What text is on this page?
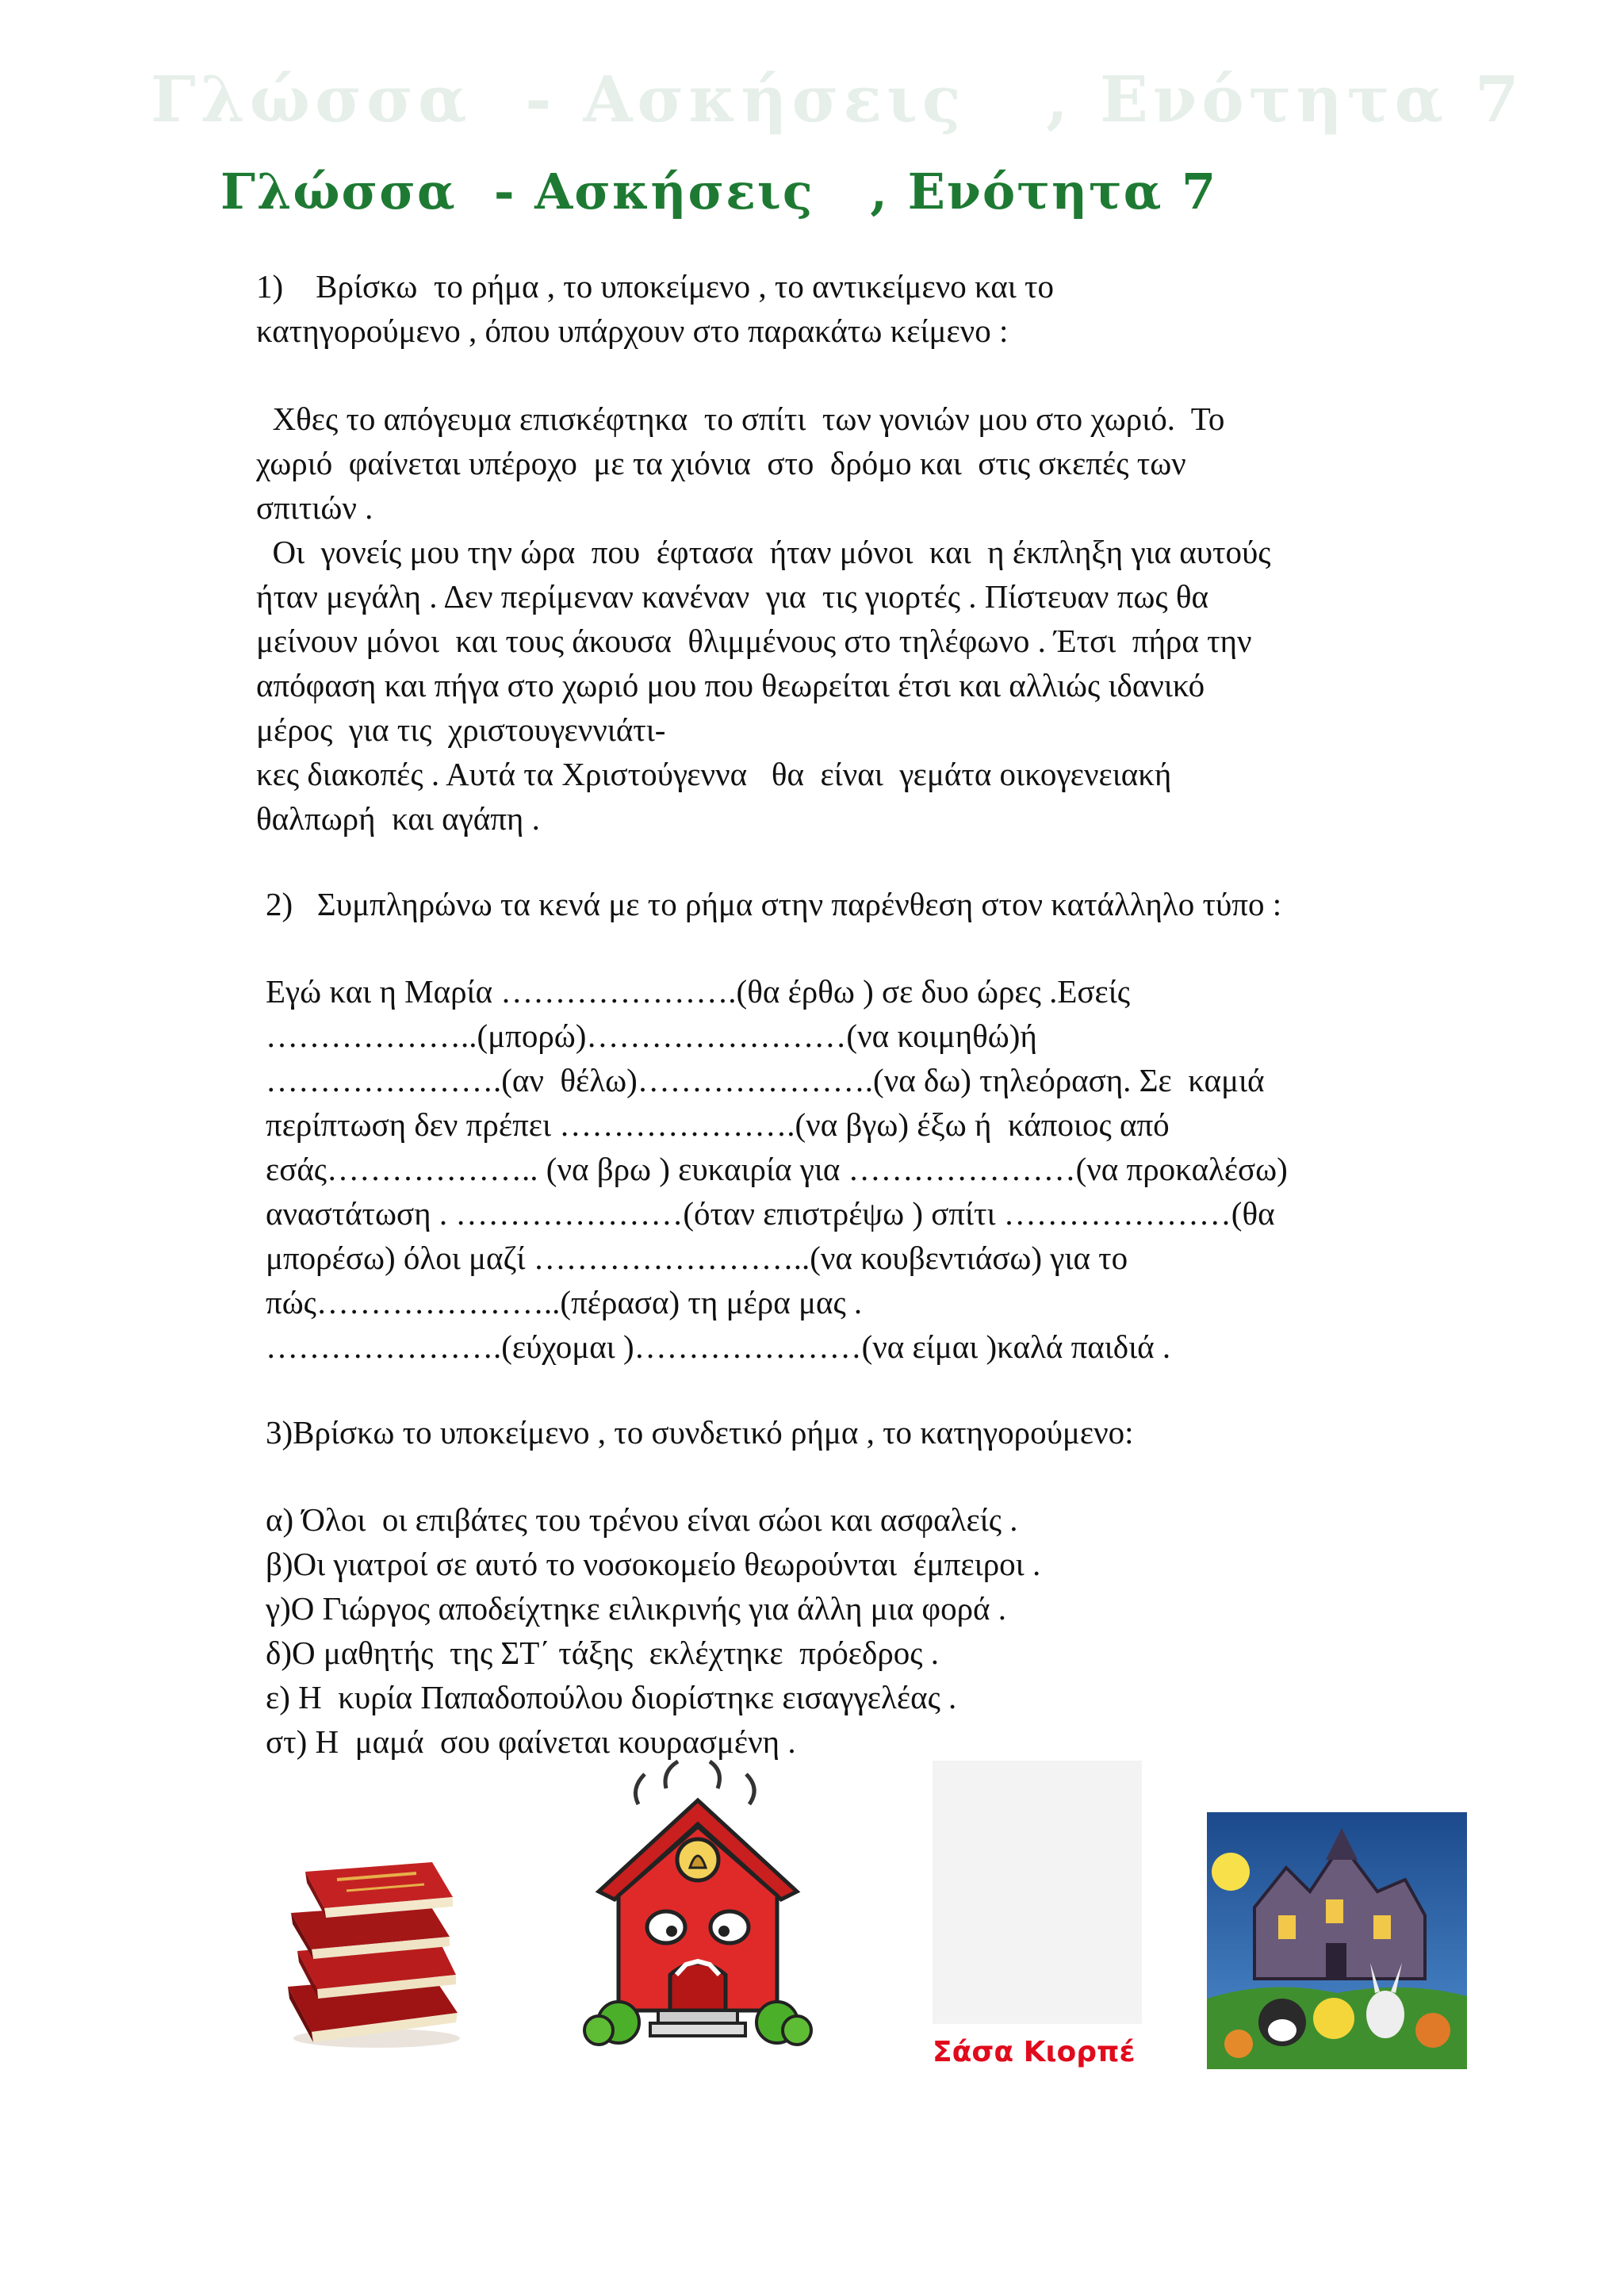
Γλώσσα  - Ασκήσεις   , Ενότητα 7
Γλώσσα  - Ασκήσεις   , Ενότητα 7
1)    Βρίσκω  το ρήμα , το υποκείμενο , το αντικείμενο και το
κατηγορούμενο , όπου υπάρχουν στο παρακάτω κείμενο :
Χθες το απόγευμα επισκέφτηκα  το σπίτι  των γονιών μου στο χωριό.  Το
χωριό  φαίνεται υπέροχο  με τα χιόνια  στο  δρόμο και  στις σκεπές των
σπιτιών .
Οι  γονείς μου την ώρα  που  έφτασα  ήταν μόνοι  και  η έκπληξη για αυτούς
ήταν μεγάλη . Δεν περίμεναν κανέναν  για  τις γιορτές . Πίστευαν πως θα
μείνουν μόνοι  και τους άκουσα  θλιμμένους στο τηλέφωνο . Έτσι  πήρα την
απόφαση και πήγα στο χωριό μου που θεωρείται έτσι και αλλιώς ιδανικό
μέρος  για τις  χριστουγεννιάτι-
κες διακοπές . Αυτά τα Χριστούγεννα   θα  είναι  γεμάτα οικογενειακή
θαλπωρή  και αγάπη .
2)   Συμπληρώνω τα κενά με το ρήμα στην παρένθεση στον κατάλληλο τύπο :
Εγώ και η Μαρία ………………….(θα έρθω ) σε δυο ώρες .Εσείς
………………..(μπορώ)……………………(να κοιμηθώ)ή
………………….(αν  θέλω)………………….(να δω) τηλεόραση. Σε  καμιά
περίπτωση δεν πρέπει ………………….(να βγω) έξω ή  κάποιος από
εσάς……………….. (να βρω ) ευκαιρία για …………………(να προκαλέσω)
αναστάτωση . …………………(όταν επιστρέψω ) σπίτι …………………(θα
μπορέσω) όλοι μαζί ……………………..(να κουβεντιάσω) για το
πώς…………………..(πέρασα) τη μέρα μας .
………………….(εύχομαι )…………………(να είμαι )καλά παιδιά .
3)Βρίσκω το υποκείμενο , το συνδετικό ρήμα , το κατηγορούμενο:
α) Όλοι  οι επιβάτες του τρένου είναι σώοι και ασφαλείς .
β)Οι γιατροί σε αυτό το νοσοκομείο θεωρούνται  έμπειροι .
γ)Ο Γιώργος αποδείχτηκε ειλικρινής για άλλη μια φορά .
δ)Ο μαθητής  της ΣΤ΄ τάξης  εκλέχτηκε  πρόεδρος .
ε) Η  κυρία Παπαδοπούλου διορίστηκε εισαγγελέας .
στ) Η  μαμά  σου φαίνεται κουρασμένη .
Σάσα Κιορπέ
